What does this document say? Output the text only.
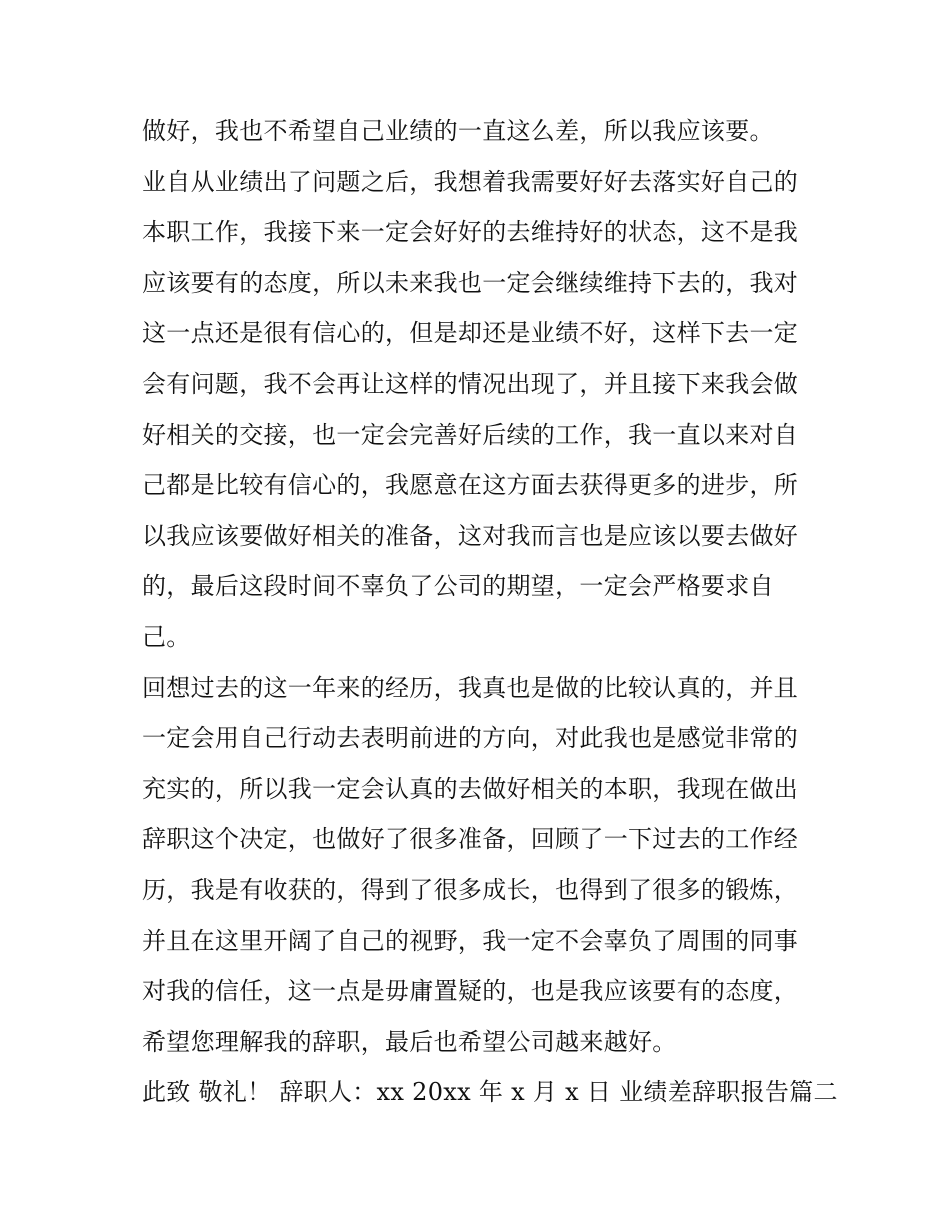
做好，我也不希望自己业绩的一直这么差，所以我应该要。
业自从业绩出了问题之后，我想着我需要好好去落实好自己的
本职工作，我接下来一定会好好的去维持好的状态，这不是我
应该要有的态度，所以未来我也一定会继续维持下去的，我对
这一点还是很有信心的，但是却还是业绩不好，这样下去一定
会有问题，我不会再让这样的情况出现了，并且接下来我会做
好相关的交接，也一定会完善好后续的工作，我一直以来对自
己都是比较有信心的，我愿意在这方面去获得更多的进步，所
以我应该要做好相关的准备，这对我而言也是应该以要去做好
的，最后这段时间不辜负了公司的期望，一定会严格要求自
己。
回想过去的这一年来的经历，我真也是做的比较认真的，并且
一定会用自己行动去表明前进的方向，对此我也是感觉非常的
充实的，所以我一定会认真的去做好相关的本职，我现在做出
辞职这个决定，也做好了很多准备，回顾了一下过去的工作经
历，我是有收获的，得到了很多成长，也得到了很多的锻炼，
并且在这里开阔了自己的视野，我一定不会辜负了周围的同事
对我的信任，这一点是毋庸置疑的，也是我应该要有的态度，
希望您理解我的辞职，最后也希望公司越来越好。
此致 敬礼！ 辞职人：xx 20xx 年 x 月 x 日 业绩差辞职报告篇二
